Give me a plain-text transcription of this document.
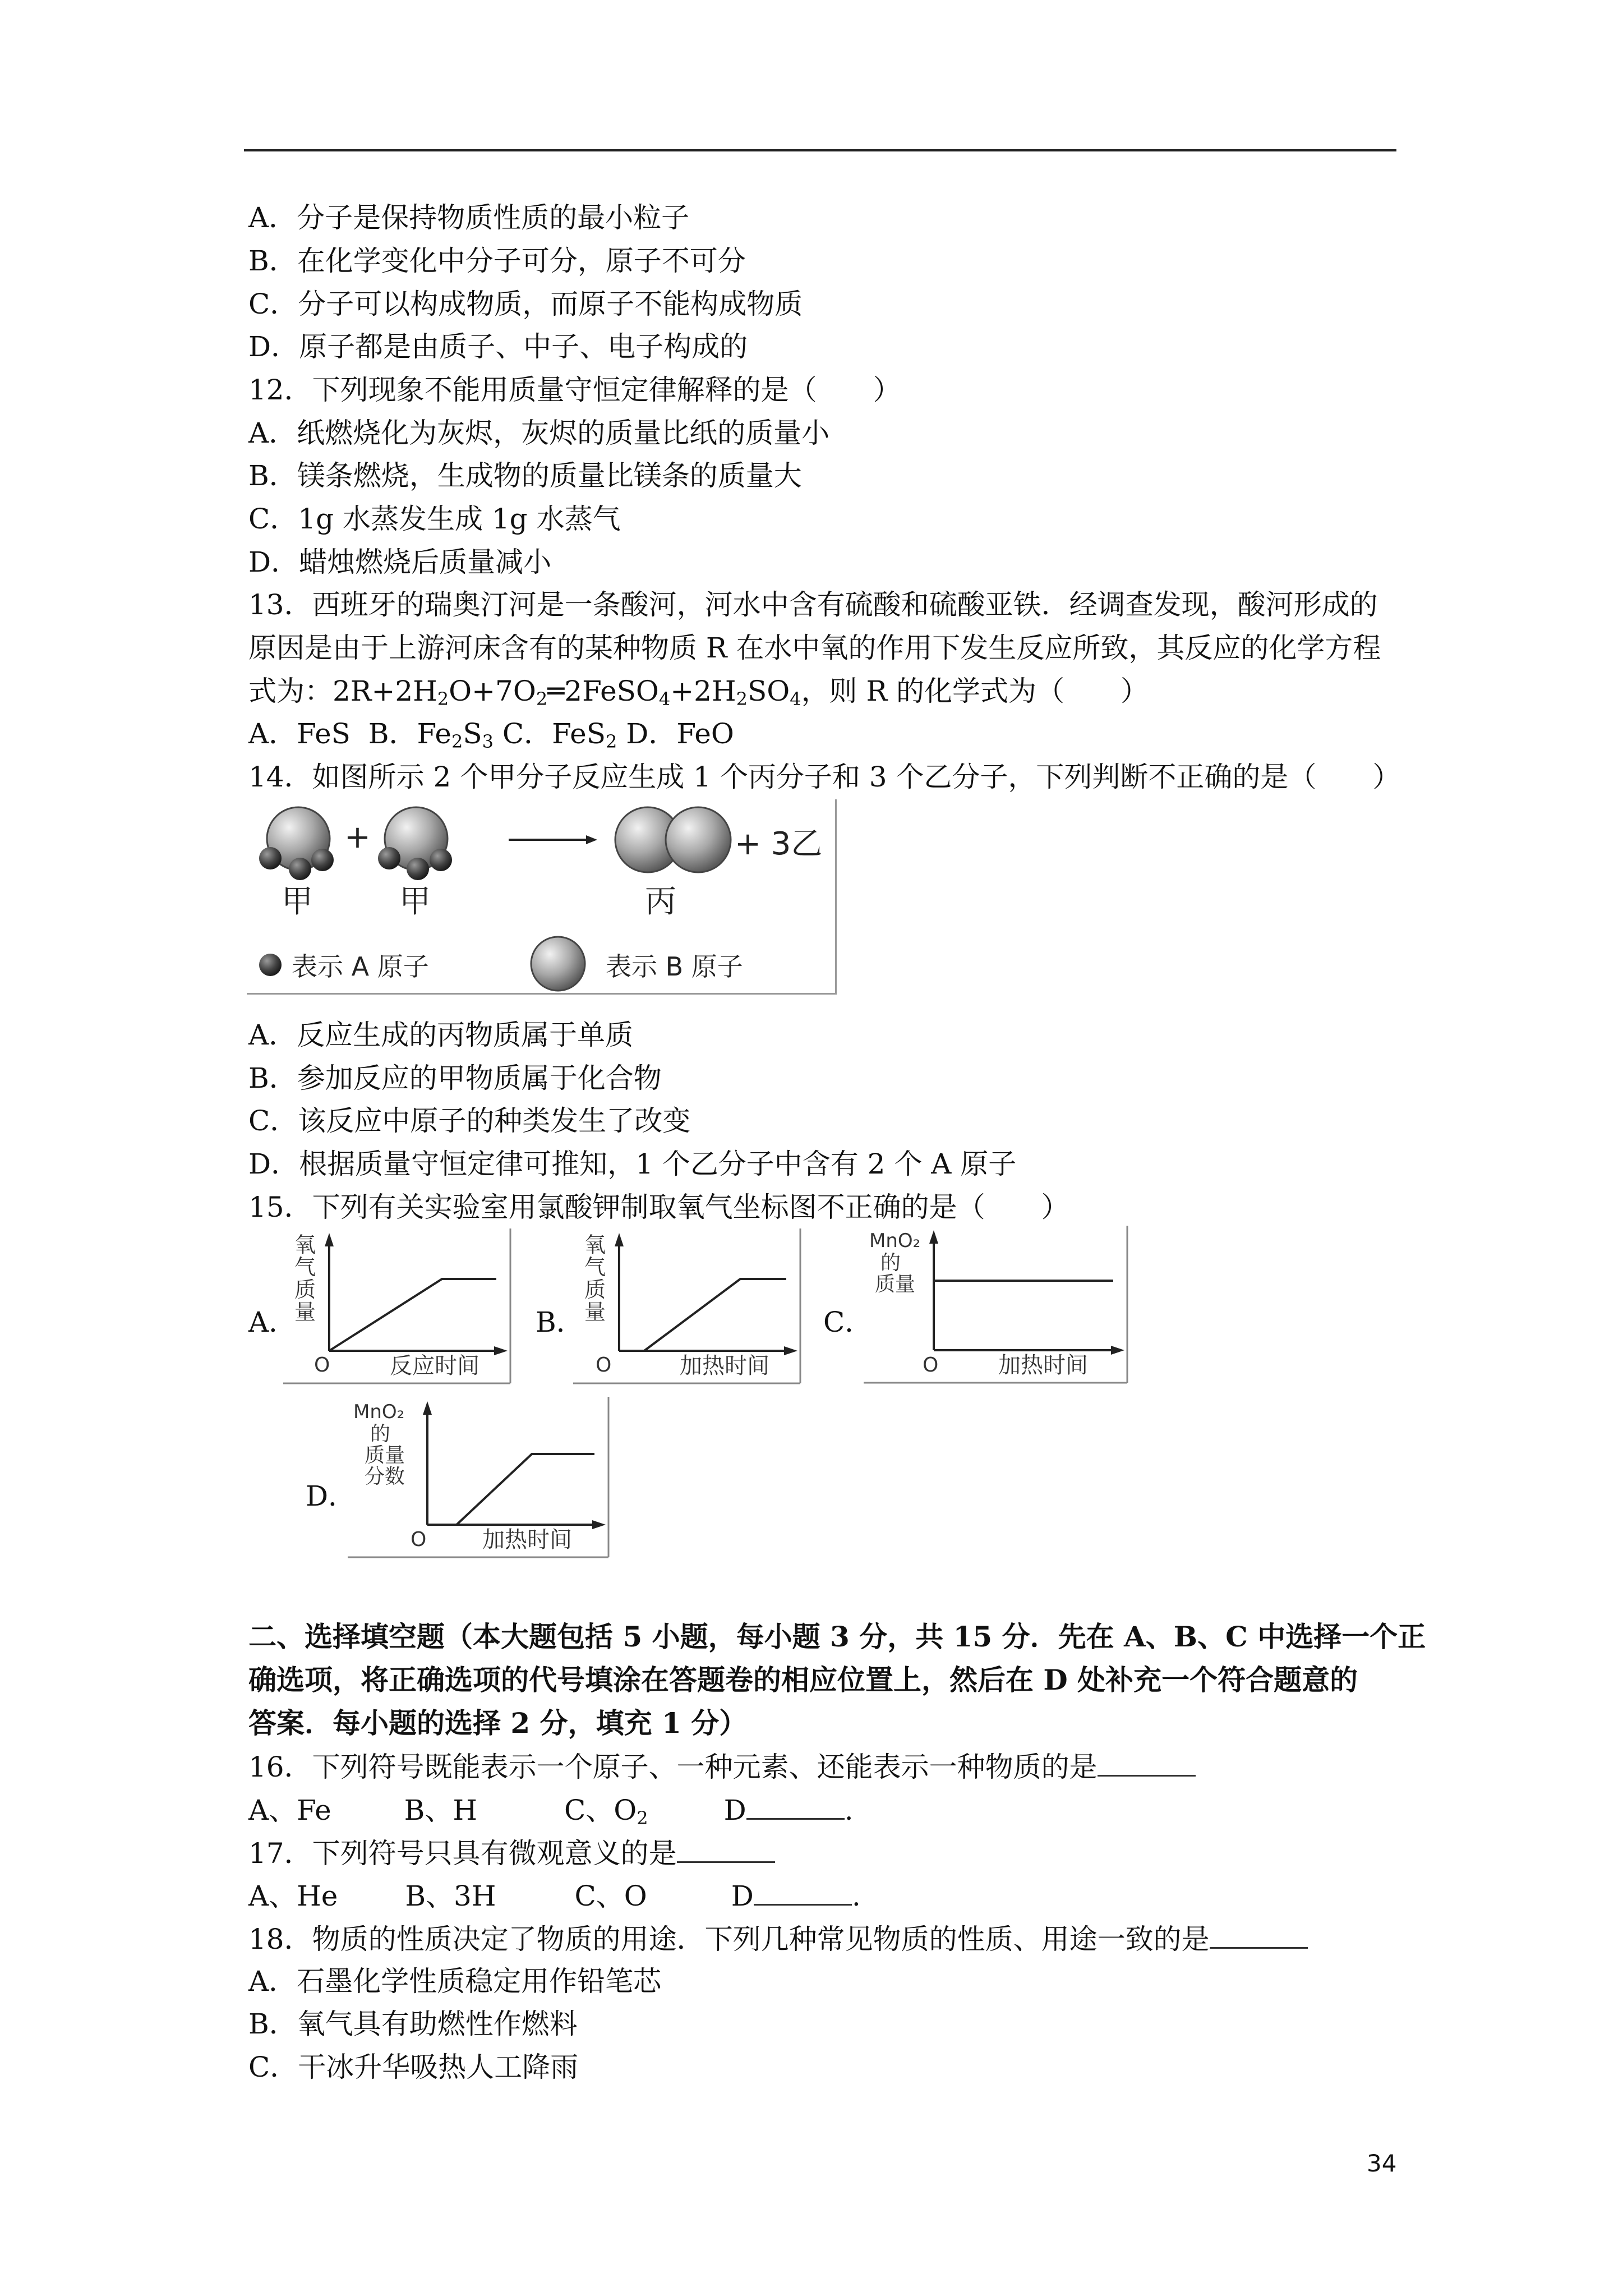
A．分子是保持物质性质的最小粒子
B．在化学变化中分子可分，原子不可分
C．分子可以构成物质，而原子不能构成物质
D．原子都是由质子、中子、电子构成的
12．下列现象不能用质量守恒定律解释的是（　　）
A．纸燃烧化为灰烬，灰烬的质量比纸的质量小
B．镁条燃烧，生成物的质量比镁条的质量大
C．1g 水蒸发生成 1g 水蒸气
D．蜡烛燃烧后质量减小
13．西班牙的瑞奥汀河是一条酸河，河水中含有硫酸和硫酸亚铁．经调查发现，酸河形成的
原因是由于上游河床含有的某种物质 R 在水中氧的作用下发生反应所致，其反应的化学方程
式为：$2R+2H_2O+7O_2═2FeSO_4+2H_2SO_4$，则 R 的化学式为（　　）
A．FeS B．$Fe_2S_3$ C．FeS$_2$ D．FeO
14．如图所示 2 个甲分子反应生成 1 个丙分子和 3 个乙分子，下列判断不正确的是（　　）
+	+ 3乙
甲	甲	丙
表示 A 原子	表示 B 原子
A．反应生成的丙物质属于单质
B．参加反应的甲物质属于化合物
C．该反应中原子的种类发生了改变
D．根据质量守恒定律可推知，1 个乙分子中含有 2 个 A 原子
15．下列有关实验室用氯酸钾制取氧气坐标图不正确的是（　　）
A．	B．	C．
D．
O	反应时间
氧
气
质
量
O	加热时间
氧
气
质
量
O	加热时间
MnO₂
的
质量
O 加热时间
MnO₂
的
质量
分数
二、选择填空题（本大题包括 5 小题，每小题 3 分，共 15 分．先在 A、B、C 中选择一个正
确选项，将正确选项的代号填涂在答题卷的相应位置上，然后在 D 处补充一个符合题意的
答案．每小题的选择 2 分，填充 1 分）
16．下列符号既能表示一个原子、一种元素、还能表示一种物质的是
A、Fe	B、H	C、$O_2$	D	.
17．下列符号只具有微观意义的是
A、He B、3H	C、O	D	.
18．物质的性质决定了物质的用途．下列几种常见物质的性质、用途一致的是
A．石墨化学性质稳定用作铅笔芯
B．氧气具有助燃性作燃料
C．干冰升华吸热人工降雨
34
